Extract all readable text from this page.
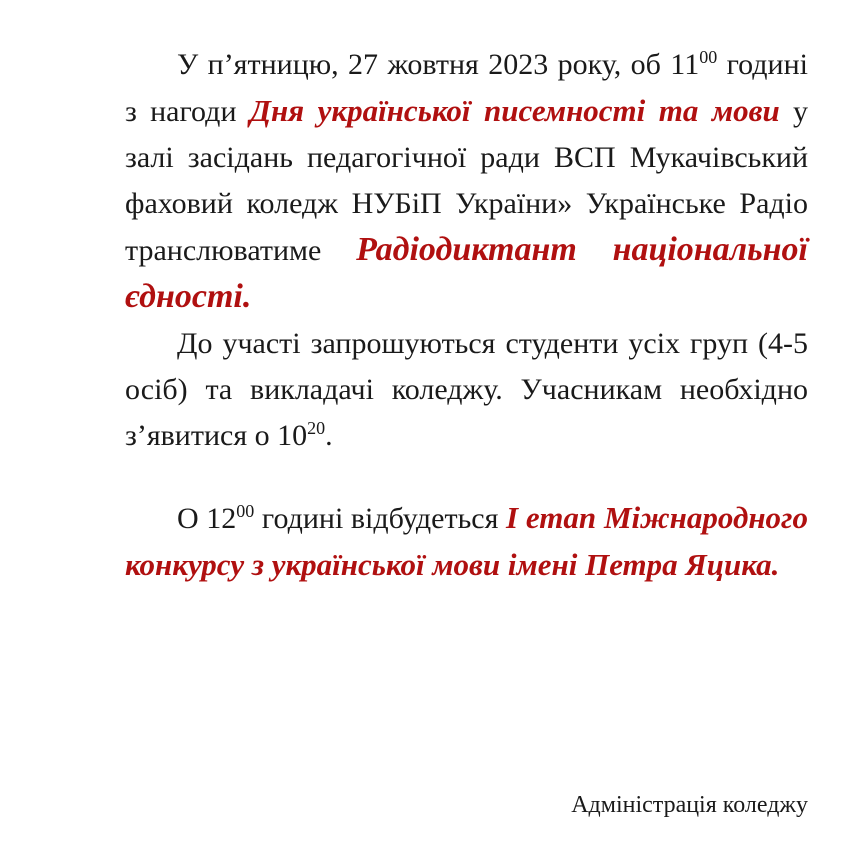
У п’ятницю, 27 жовтня 2023 року, об $11^{00}$ годині з нагоди Дня української писемності та мови у залі засідань педагогічної ради ВСП Мукачівський фаховий коледж НУБіП України» Українське Радіо транслюватиме Радіодиктант національної єдності.

До участі запрошуються студенти усіх груп (4-5 осіб) та викладачі коледжу. Учасникам необхідно з’явитися о $10^{20}$.

О $12^{00}$ годині відбудеться І етап Міжнародного конкурсу з української мови імені Петра Яцика.

Адміністрація коледжу
